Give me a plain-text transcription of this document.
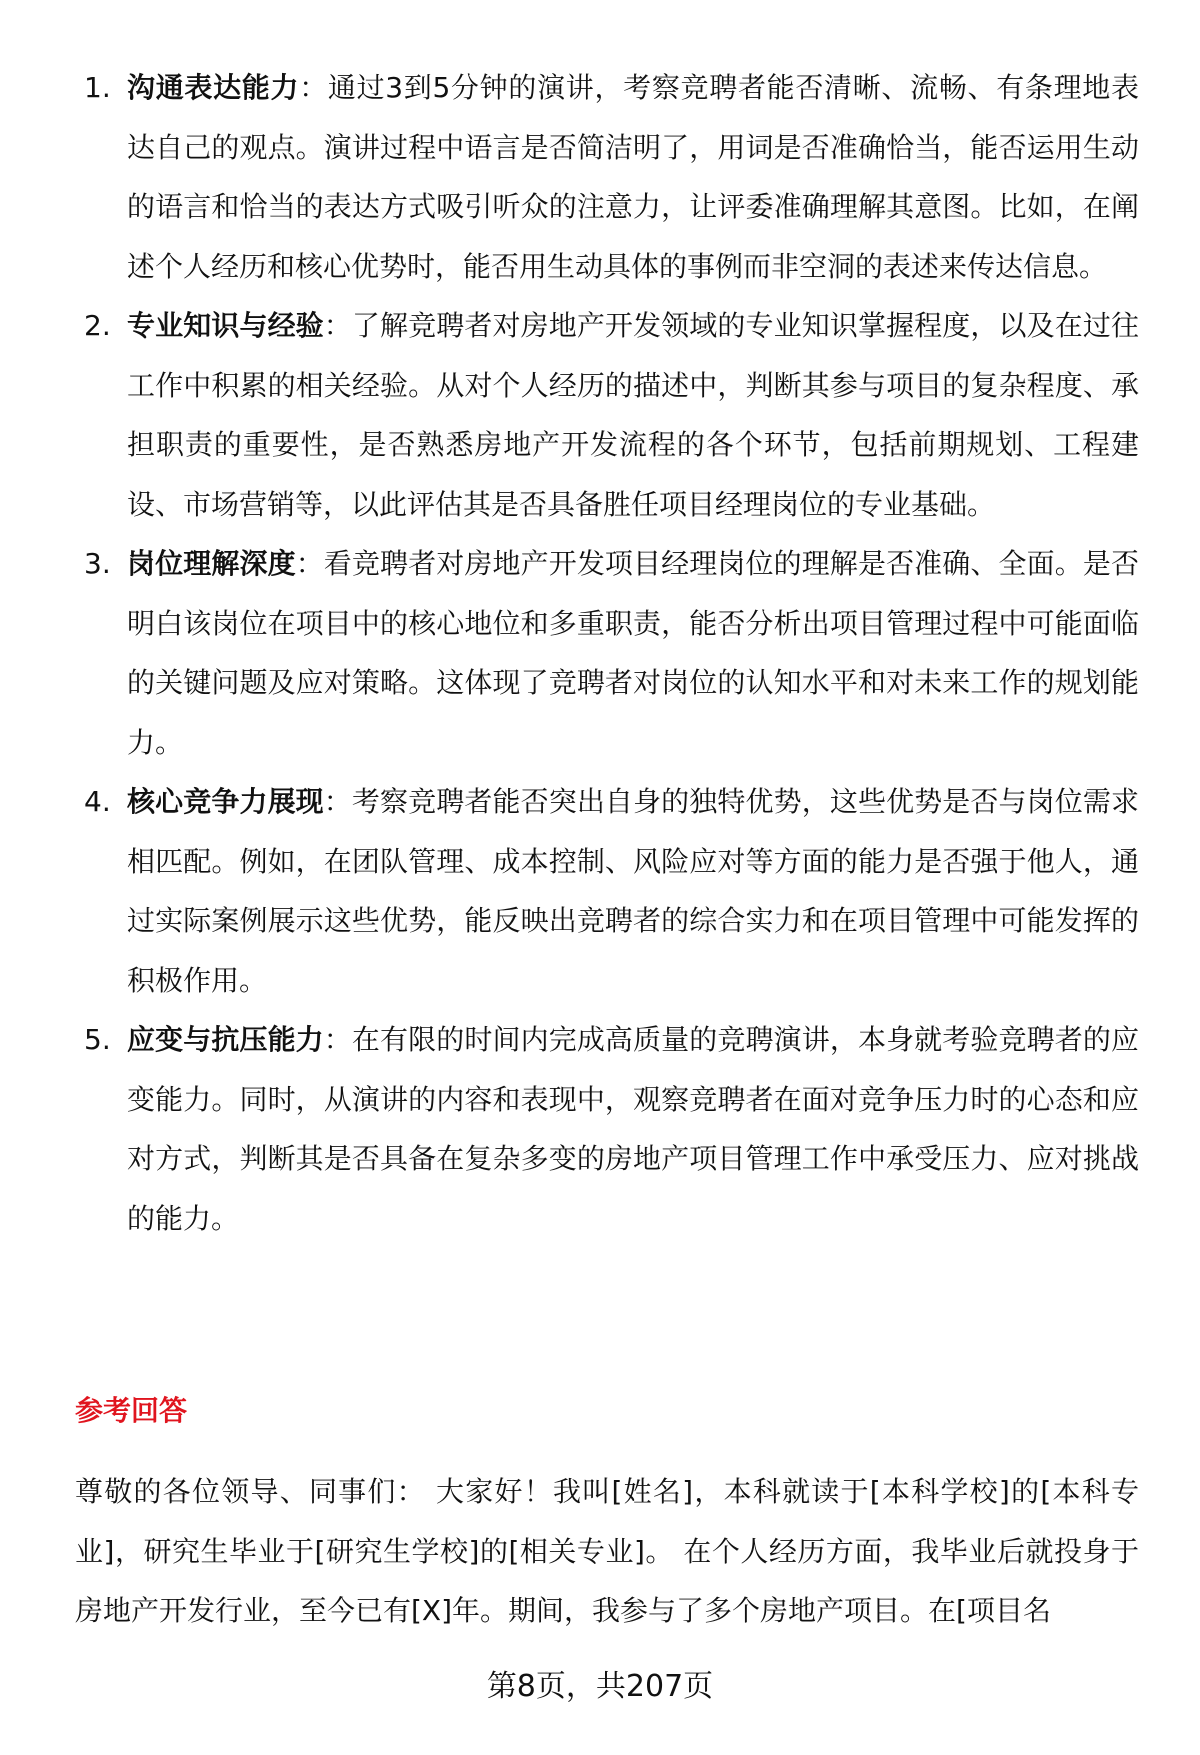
1. 沟通表达能力：通过3到5分钟的演讲，考察竞聘者能否清晰、流畅、有条理地表达自己的观点。演讲过程中语言是否简洁明了，用词是否准确恰当，能否运用生动的语言和恰当的表达方式吸引听众的注意力，让评委准确理解其意图。比如，在阐述个人经历和核心优势时，能否用生动具体的事例而非空洞的表述来传达信息。
2. 专业知识与经验：了解竞聘者对房地产开发领域的专业知识掌握程度，以及在过往工作中积累的相关经验。从对个人经历的描述中，判断其参与项目的复杂程度、承担职责的重要性，是否熟悉房地产开发流程的各个环节，包括前期规划、工程建设、市场营销等，以此评估其是否具备胜任项目经理岗位的专业基础。
3. 岗位理解深度：看竞聘者对房地产开发项目经理岗位的理解是否准确、全面。是否明白该岗位在项目中的核心地位和多重职责，能否分析出项目管理过程中可能面临的关键问题及应对策略。这体现了竞聘者对岗位的认知水平和对未来工作的规划能力。
4. 核心竞争力展现：考察竞聘者能否突出自身的独特优势，这些优势是否与岗位需求相匹配。例如，在团队管理、成本控制、风险应对等方面的能力是否强于他人，通过实际案例展示这些优势，能反映出竞聘者的综合实力和在项目管理中可能发挥的积极作用。
5. 应变与抗压能力：在有限的时间内完成高质量的竞聘演讲，本身就考验竞聘者的应变能力。同时，从演讲的内容和表现中，观察竞聘者在面对竞争压力时的心态和应对方式，判断其是否具备在复杂多变的房地产项目管理工作中承受压力、应对挑战的能力。
参考回答

尊敬的各位领导、同事们： 大家好！我叫[姓名]，本科就读于[本科学校]的[本科专业]，研究生毕业于[研究生学校]的[相关专业]。 在个人经历方面，我毕业后就投身于房地产开发行业，至今已有[X]年。期间，我参与了多个房地产项目。在[项目名

第8页，共207页
